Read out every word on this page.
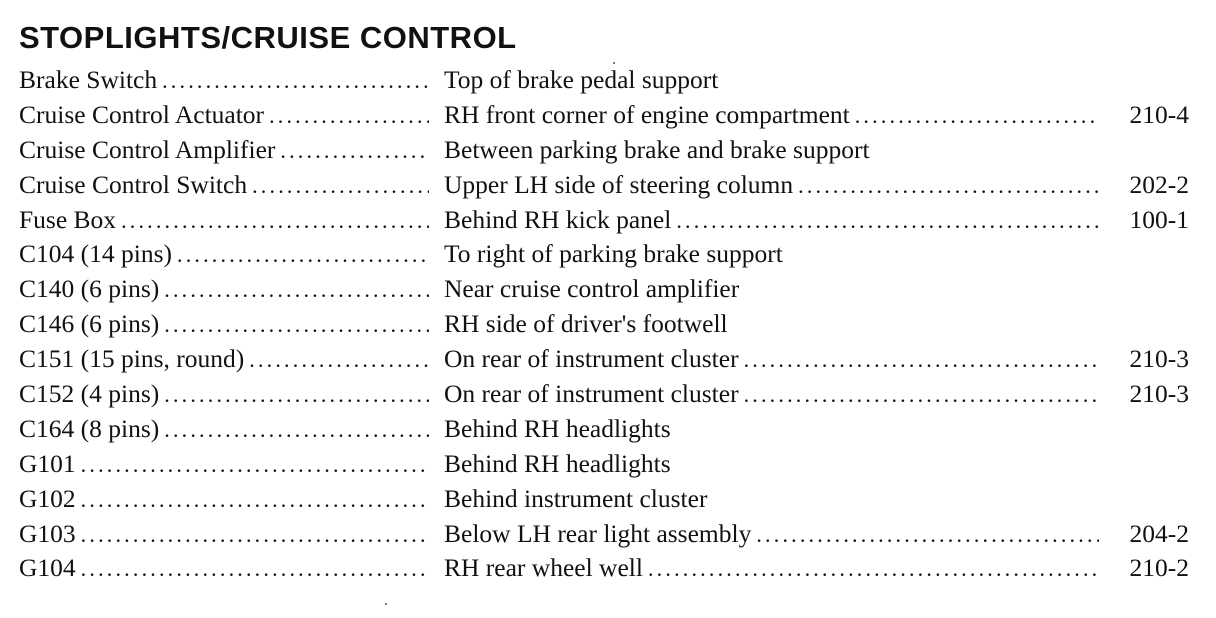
STOPLIGHTS/CRUISE CONTROL
Brake Switch .....	Top of brake pedal support
Cruise Control Actuator .....	RH front corner of engine compartment .....	210-4
Cruise Control Amplifier .....	Between parking brake and brake support
Cruise Control Switch .....	Upper LH side of steering column .....	202-2
Fuse Box .....	Behind RH kick panel .....	100-1
C104 (14 pins) .....	To right of parking brake support
C140 (6 pins) .....	Near cruise control amplifier
C146 (6 pins) .....	RH side of driver's footwell
C151 (15 pins, round) .....	On rear of instrument cluster .....	210-3
C152 (4 pins) .....	On rear of instrument cluster .....	210-3
C164 (8 pins) .....	Behind RH headlights
G101 .....	Behind RH headlights
G102 .....	Behind instrument cluster
G103 .....	Below LH rear light assembly .....	204-2
G104 .....	RH rear wheel well .....	210-2
